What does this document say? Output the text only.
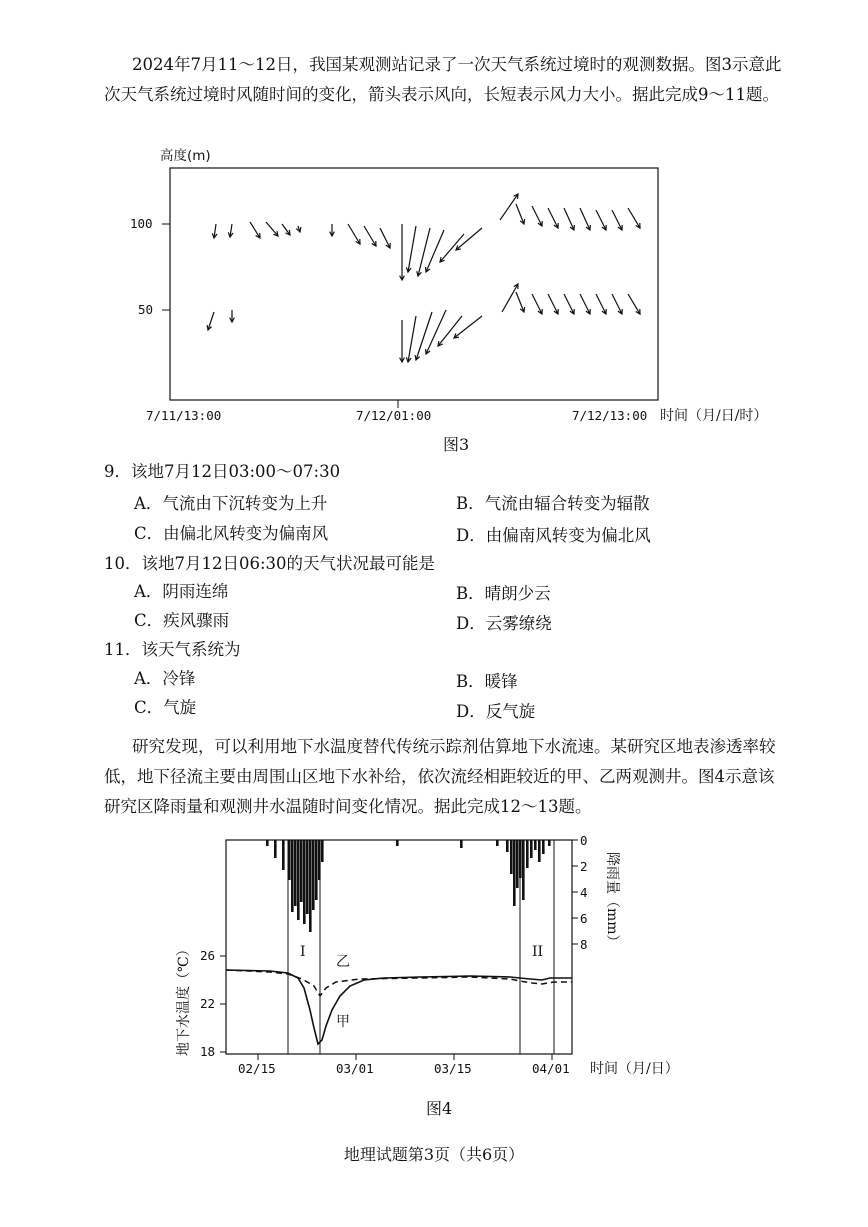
2024年7月11～12日，我国某观测站记录了一次天气系统过境时的观测数据。图3示意此次天气系统过境时风随时间的变化，箭头表示风向，长短表示风力大小。据此完成9～11题。

高度(m)
100
50
7/11/13:00	7/12/01:00	7/12/13:00 时间（月/日/时）
图3

9．该地7月12日03:00～07:30

A．气流由下沉转变为上升	B．气流由辐合转变为辐散

C．由偏北风转变为偏南风	D．由偏南风转变为偏北风

10．该地7月12日06:30的天气状况最可能是

A．阴雨连绵	B．晴朗少云

C．疾风骤雨	D．云雾缭绕

11．该天气系统为

A．冷锋	B．暖锋

C．气旋	D．反气旋

研究发现，可以利用地下水温度替代传统示踪剂估算地下水流速。某研究区地表渗透率较低，地下径流主要由周围山区地下水补给，依次流经相距较近的甲、乙两观测井。图4示意该研究区降雨量和观测井水温随时间变化情况。据此完成12～13题。

0
2
4
6
8 降雨量（mm）
26
22
18
地下水温度（℃）
02/15	03/01	03/15	04/01 时间（月/日）
I	II
乙
甲
图4
地理试题第3页（共6页）
